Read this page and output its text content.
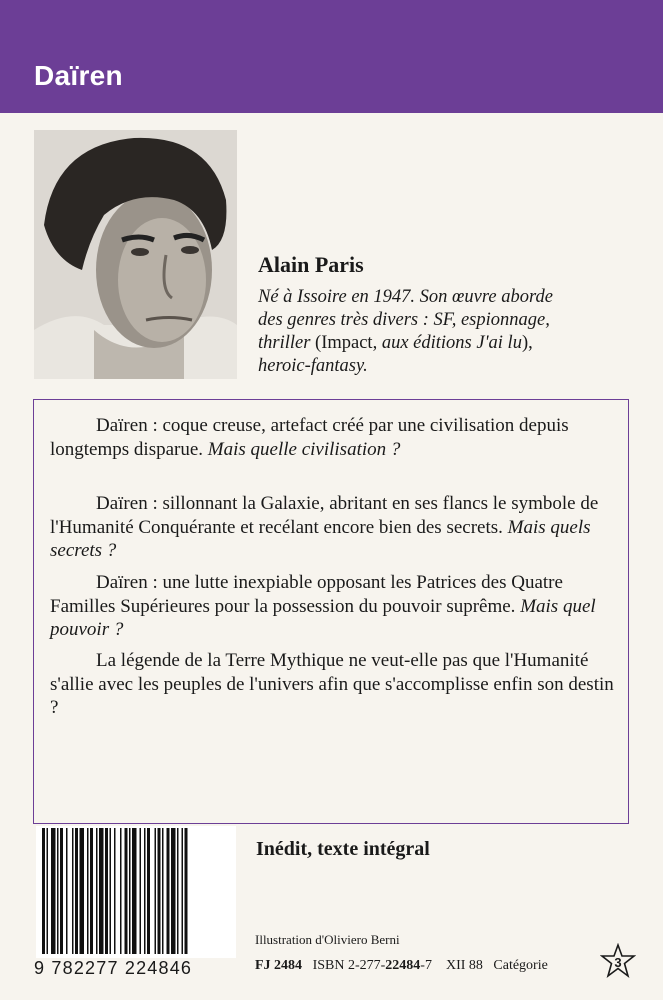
Daïren
Alain Paris
Né à Issoire en 1947. Son œuvre aborde
des genres très divers : SF, espionnage,
thriller (Impact, aux éditions J'ai lu),
heroic-fantasy.
Daïren : coque creuse, artefact créé par une civilisation depuis longtemps disparue. Mais quelle civilisation ?
Daïren : sillonnant la Galaxie, abritant en ses flancs le symbole de l'Humanité Conquérante et recélant encore bien des secrets. Mais quels secrets ?
Daïren : une lutte inexpiable opposant les Patrices des Quatre Familles Supérieures pour la possession du pouvoir suprême. Mais quel pouvoir ?
La légende de la Terre Mythique ne veut-elle pas que l'Humanité s'allie avec les peuples de l'univers afin que s'accomplisse enfin son destin ?
9 782277 224846
Inédit, texte intégral
Illustration d'Oliviero Berni
FJ 2484 ISBN 2-277-22484-7 XII 88 Catégorie	3
